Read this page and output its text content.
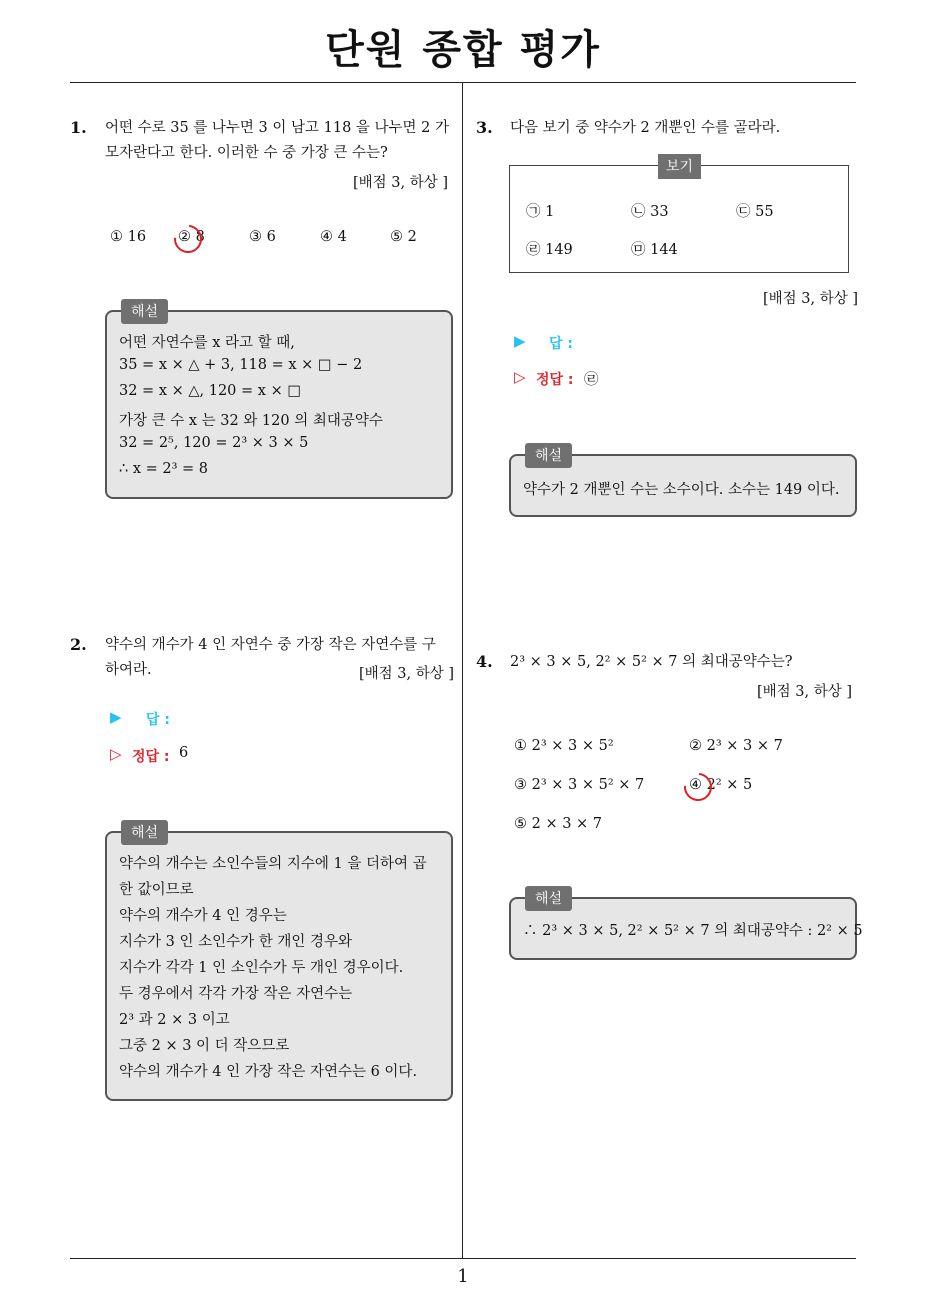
단원 종합 평가
1
1. 어떤 수로 35 를 나누면 3 이 남고 118 을 나누면 2 가
모자란다고 한다. 이러한 수 중 가장 큰 수는?
[배점 3, 하상 ]
① 16 ② 8	③ 6	④ 4	⑤ 2
해설
어떤 자연수를 x 라고 할 때,
35 = x × △ + 3, 118 = x × □ − 2
32 = x × △, 120 = x × □
가장 큰 수 x 는 32 와 120 의 최대공약수
32 = 2⁵, 120 = 2³ × 3 × 5
∴ x = 2³ = 8
2. 약수의 개수가 4 인 자연수 중 가장 작은 자연수를 구
하여라.	[배점 3, 하상 ]
▶ 답 :
▷ 정답 : 6
해설
약수의 개수는 소인수들의 지수에 1 을 더하여 곱
한 값이므로
약수의 개수가 4 인 경우는
지수가 3 인 소인수가 한 개인 경우와
지수가 각각 1 인 소인수가 두 개인 경우이다.
두 경우에서 각각 가장 작은 자연수는
2³ 과 2 × 3 이고
그중 2 × 3 이 더 작으므로
약수의 개수가 4 인 가장 작은 자연수는 6 이다.
3. 다음 보기 중 약수가 2 개뿐인 수를 골라라.
보기
㉠ 1	㉡ 33	㉢ 55
㉣ 149	㉤ 144
[배점 3, 하상 ]
▶ 답 :
▷ 정답 : ㉣
해설
약수가 2 개뿐인 수는 소수이다. 소수는 149 이다.
4. 2³ × 3 × 5, 2² × 5² × 7 의 최대공약수는?
[배점 3, 하상 ]
① 2³ × 3 × 5²	② 2³ × 3 × 7
③ 2³ × 3 × 5² × 7	④ 2² × 5
⑤ 2 × 3 × 7
해설
∴ 2³ × 3 × 5, 2² × 5² × 7 의 최대공약수 : 2² × 5
